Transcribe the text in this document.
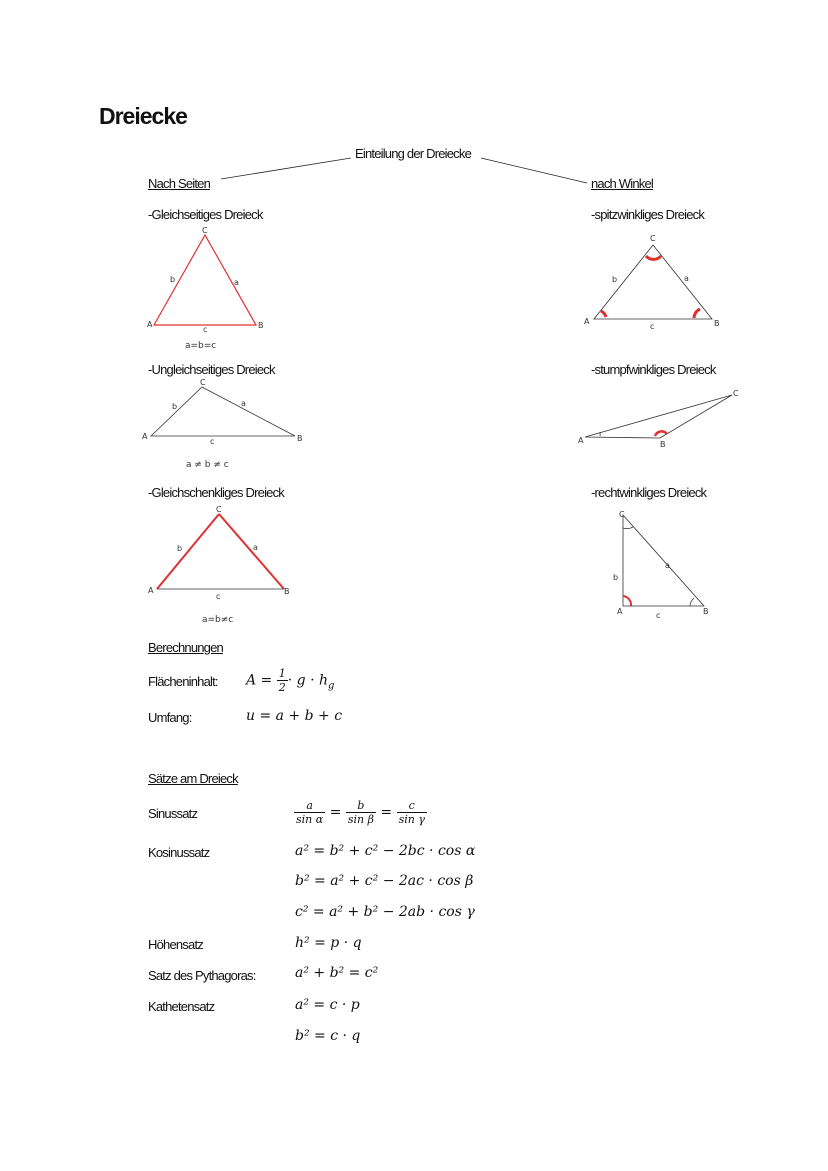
Dreiecke
Einteilung der Dreiecke
Nach Seiten	nach Winkel
-Gleichseitiges Dreieck
-Ungleichseitiges Dreieck
-Gleichschenkliges Dreieck
-spitzwinkliges Dreieck
-stumpfwinkliges Dreieck
-rechtwinkliges Dreieck
a=b=c
a ≠ b ≠ c
a=b≠c
A	B
C
a
b
c
A	B
C
a
b
c
A	B
C
a
b
c
A	B
C
a
b
c
A	B
C
A	B
C
a
b
c
Berechnungen
Flächeninhalt: $A = \frac{1}{2} \cdot g \cdot h_g$
Umfang:	u = a + b + c
Sätze am Dreieck
Sinussatz	$\frac{a}{\text{sin α}} = \frac{b}{\text{sin β}} = \frac{c}{\text{sin γ}}$
Kosinussatz	a² = b² + c² − 2bc · cos α
b² = a² + c² − 2ac · cos β
c² = a² + b² − 2ab · cos γ
Höhensatz	h² = p · q
Satz des Pythagoras:	a² + b² = c²
Kathetensatz	a² = c · p
b² = c · q
